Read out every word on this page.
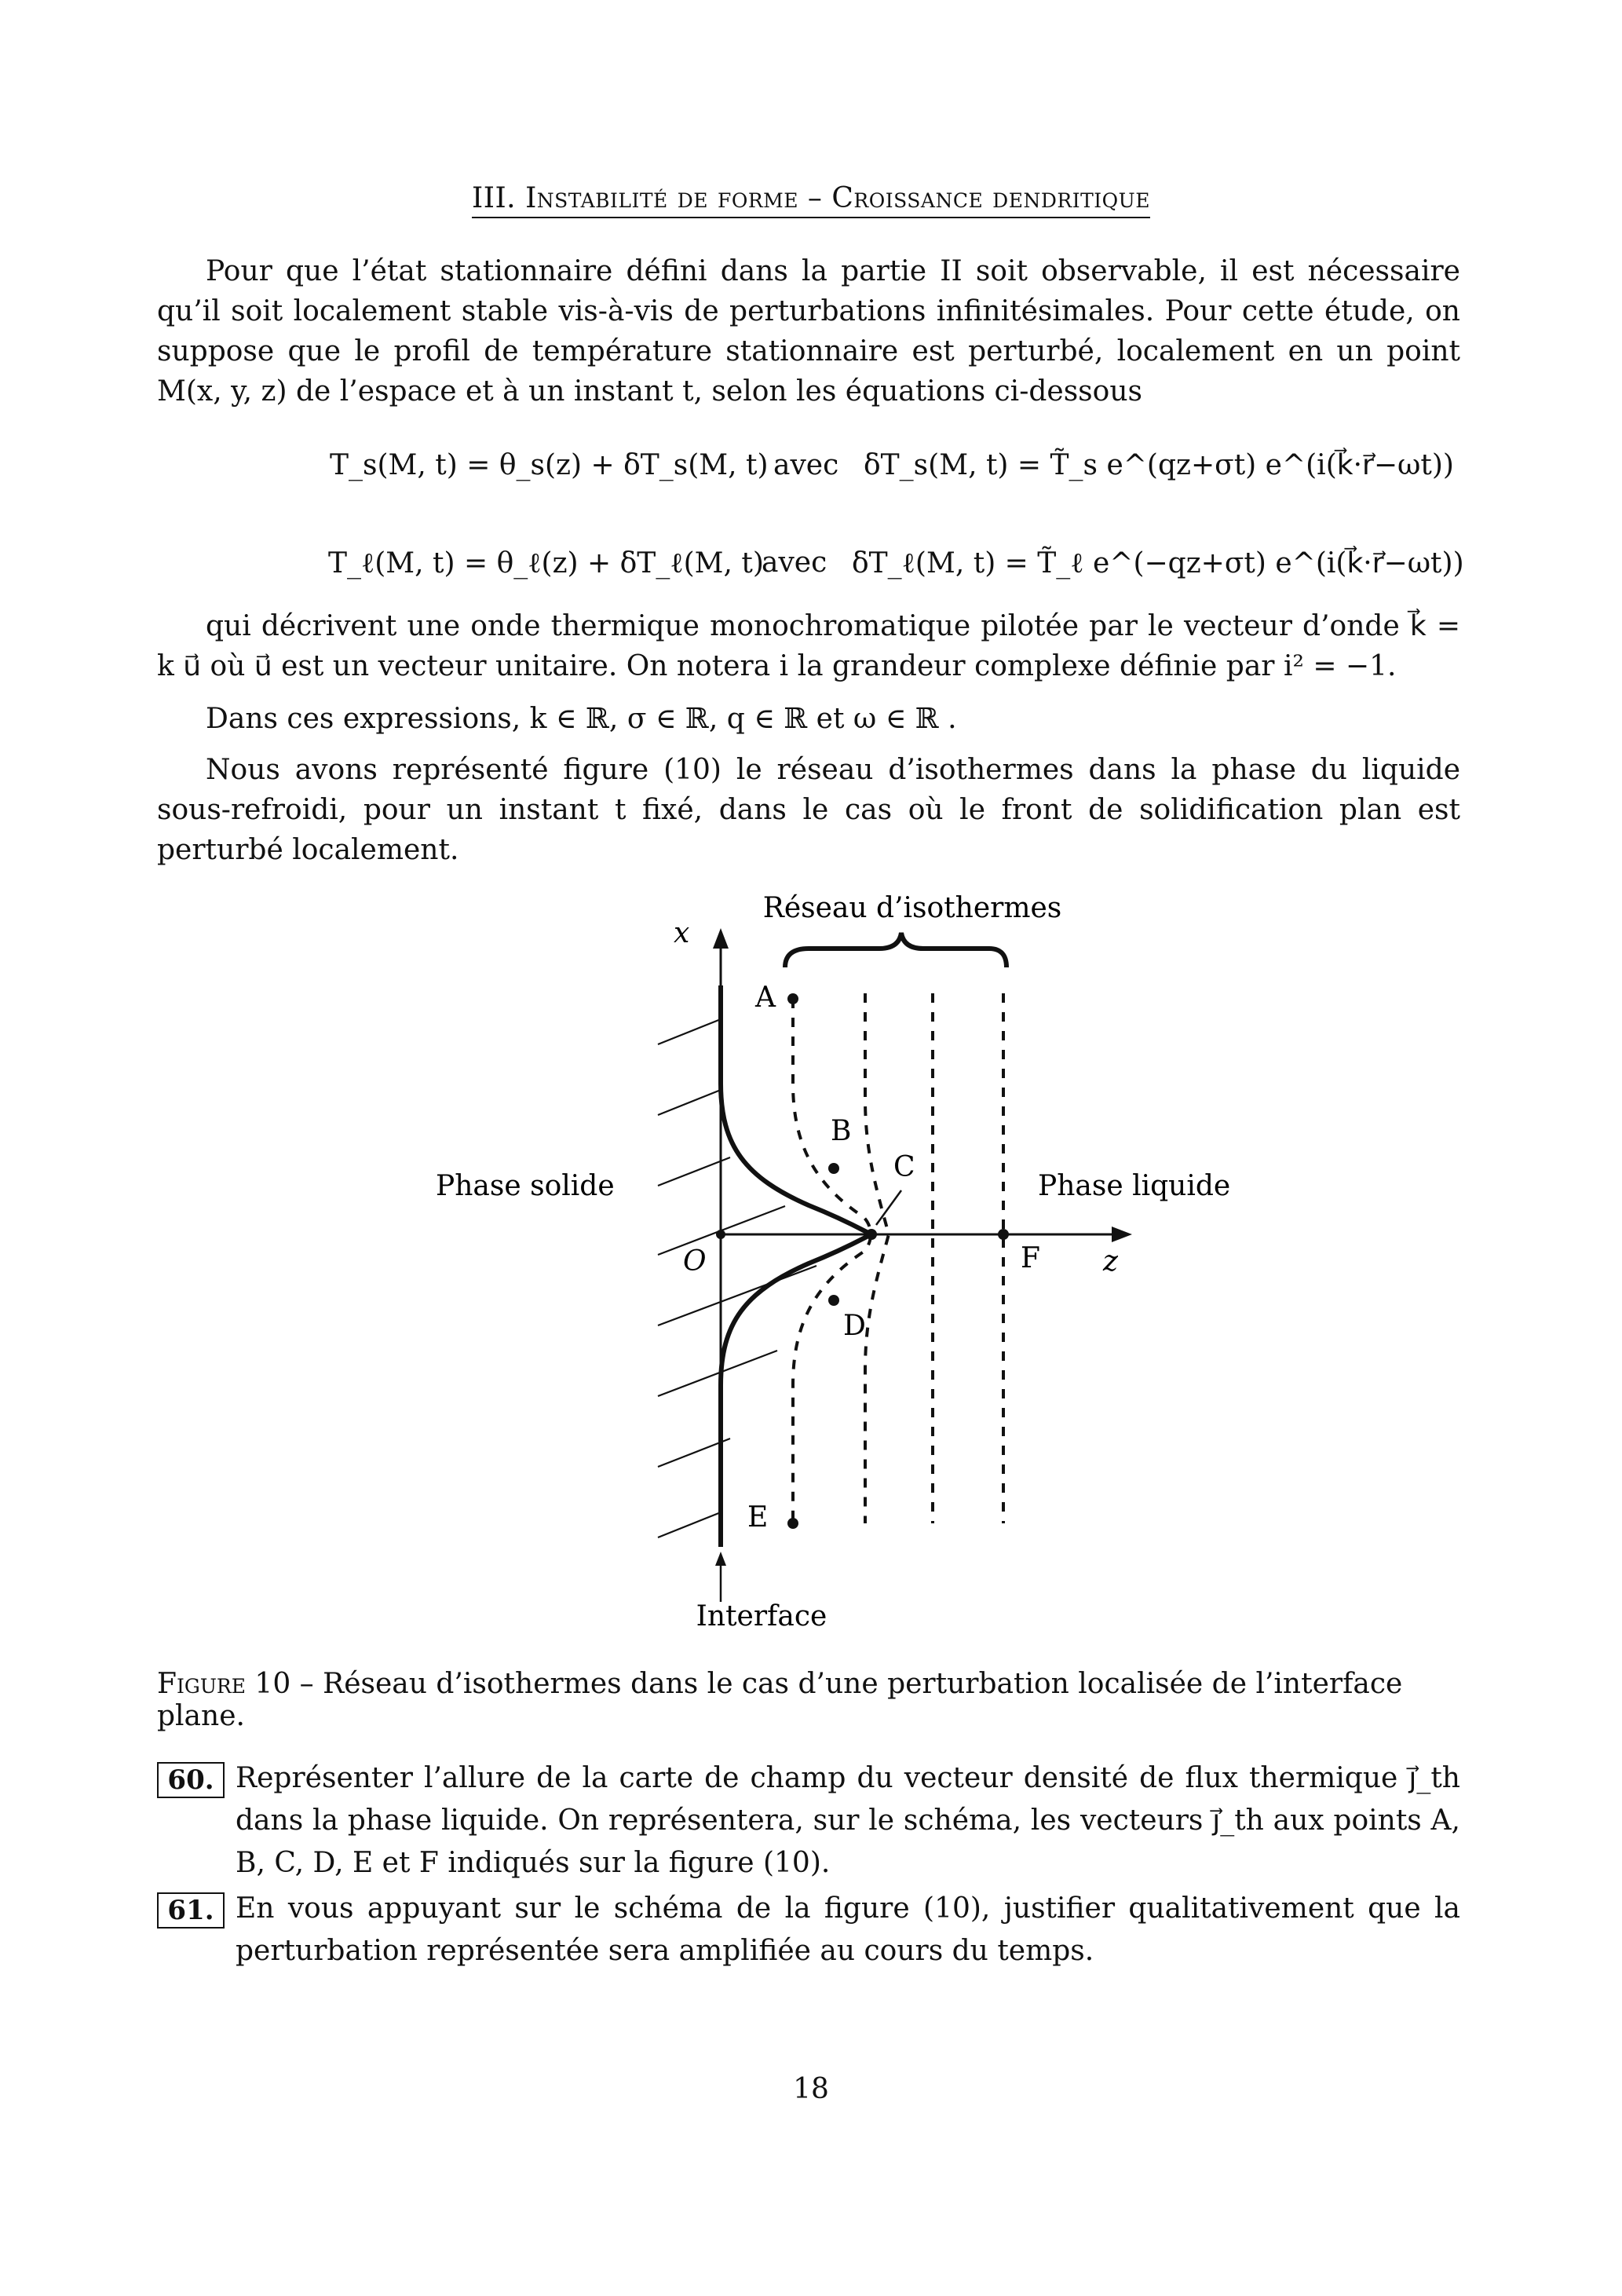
III. Instabilité de forme – Croissance dendritique
Pour que l’état stationnaire défini dans la partie II soit observable, il est nécessaire qu’il soit localement stable vis-à-vis de perturbations infinitésimales. Pour cette étude, on suppose que le profil de température stationnaire est perturbé, localement en un point M(x, y, z) de l’espace et à un instant t, selon les équations ci-dessous
T_s(M, t) = θ_s(z) + δT_s(M, t) avec δT_s(M, t) = T̃_s e^(qz+σt) e^(i(k⃗·r⃗−ωt))
T_ℓ(M, t) = θ_ℓ(z) + δT_ℓ(M, t)
avec δT_ℓ(M, t) = T̃_ℓ e^(−qz+σt) e^(i(k⃗·r⃗−ωt))
qui décrivent une onde thermique monochromatique pilotée par le vecteur d’onde k⃗ = k u⃗ où u⃗ est un vecteur unitaire. On notera i la grandeur complexe définie par i² = −1.
Dans ces expressions, k ∈ ℝ, σ ∈ ℝ, q ∈ ℝ et ω ∈ ℝ .
Nous avons représenté figure (10) le réseau d’isothermes dans la phase du liquide sous-refroidi, pour un instant t fixé, dans le cas où le front de solidification plan est perturbé localement.
Réseau d’isothermes
x
z
O
A
B
C
D
E
F
Phase solide	Phase liquide
Interface
Figure 10 – Réseau d’isothermes dans le cas d’une perturbation localisée de l’interface plane.
60. Représenter l’allure de la carte de champ du vecteur densité de flux thermique j⃗_th dans la phase liquide. On représentera, sur le schéma, les vecteurs j⃗_th aux points A, B, C, D, E et F indiqués sur la figure (10).
61. En vous appuyant sur le schéma de la figure (10), justifier qualitativement que la perturbation représentée sera amplifiée au cours du temps.
18
